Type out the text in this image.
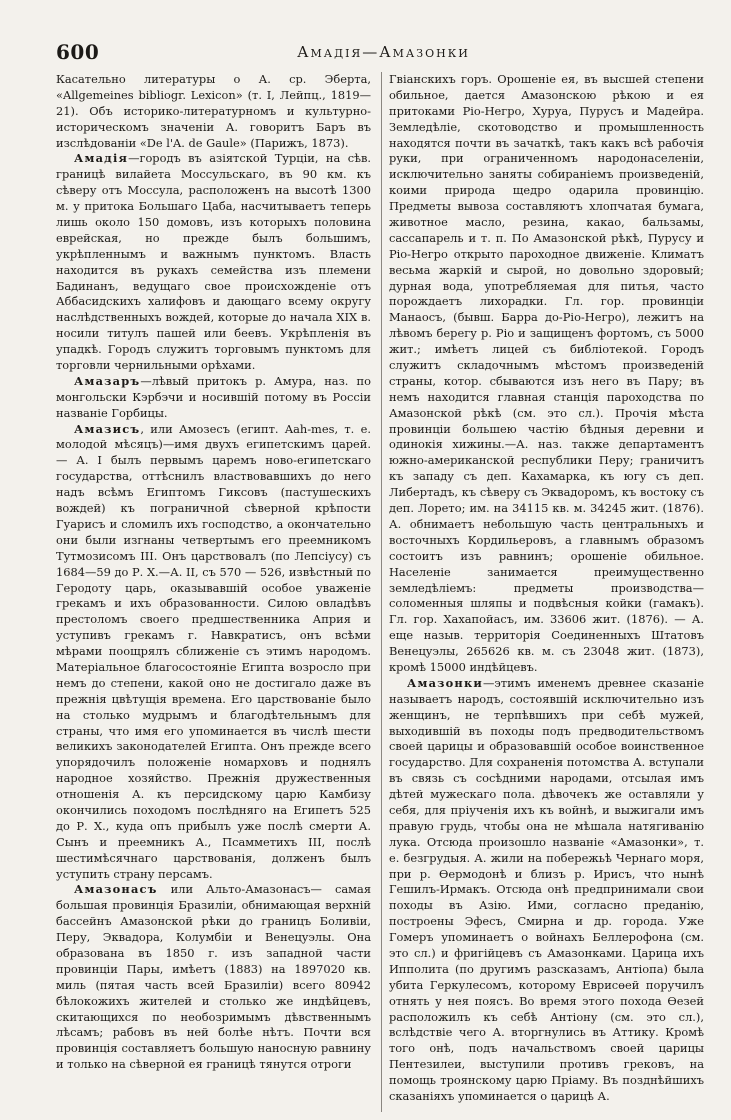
600	Амадiя—Амазонки

Касательно литературы о А. ср. Эберта, «Allgemeines bibliogr. Lexicon» (т. I, Лейпц., 1819—21). Объ историко-литературномъ и культурно-историческомъ значенiи А. говоритъ Баръ въ изслѣдованiи «De l'A. de Gaule» (Парижъ, 1873).

Амадiя—городъ въ азiятской Турцiи, на сѣв. границѣ вилайета Моссульскаго, въ 90 км. къ сѣверу отъ Моссула, расположенъ на высотѣ 1300 м. у притока Большаго Цаба, насчитываетъ теперь лишь около 150 домовъ, изъ которыхъ половина еврейская, но прежде былъ большимъ, укрѣпленнымъ и важнымъ пунктомъ. Власть находится въ рукахъ семейства изъ племени Бадинанъ, ведущаго свое происхожденiе отъ Аббасидскихъ халифовъ и дающаго всему округу наслѣдственныхъ вождей, которые до начала XIX в. носили титулъ пашей или беевъ. Укрѣпленiя въ упадкѣ. Городъ служитъ торговымъ пунктомъ для торговли чернильными орѣхами.

Амазаръ—лѣвый притокъ р. Амура, наз. по монгольски Кэрбэчи и носившiй потому въ Россiи названiе Горбицы.

Амазисъ, или Амозесъ (египт. Aah-mes, т. е. молодой мѣсяцъ)—имя двухъ египетскимъ царей. — А. I былъ первымъ царемъ ново-египетскаго государства, оттѣснилъ властвовавшихъ до него надъ всѣмъ Египтомъ Гиксовъ (пастушескихъ вождей) къ пограничной сѣверной крѣпости Гуарисъ и сломилъ ихъ господство, а окончательно они были изгнаны четвертымъ его преемникомъ Тутмозисомъ III. Онъ царствовалъ (по Лепсiусу) съ 1684—59 до Р. Х.—А. II, съ 570 — 526, извѣстный по Геродоту царь, оказывавшiй особое уваженiе грекамъ и ихъ образованности. Силою овладѣвъ престоломъ своего предшественника Априя и уступивъ грекамъ г. Навкратисъ, онъ всѣми мѣрами поощрялъ сближенiе съ этимъ народомъ. Матерiальное благосостоянiе Египта возросло при немъ до степени, какой оно не достигало даже въ прежнiя цвѣтущiя времена. Его царствованiе было на столько мудрымъ и благодѣтельнымъ для страны, что имя его упоминается въ числѣ шести великихъ законодателей Египта. Онъ прежде всего упорядочилъ положенiе номарховъ и поднялъ народное хозяйство. Прежнiя дружественныя отношенiя А. къ персидскому царю Камбизу окончились походомъ послѣдняго на Египетъ 525 до Р. Х., куда опъ прибылъ уже послѣ смерти А. Сынъ и преемникъ А., Псамметихъ III, послѣ шестимѣсячнаго царствованiя, долженъ былъ уступить страну персамъ.

Амазонасъ или Альто-Амазонасъ— самая большая провинцiя Бразилiи, обнимающая верхнiй бассейнъ Амазонской рѣки до границъ Боливiи, Перу, Эквадора, Колумбiи и Венецуэлы. Она образована въ 1850 г. изъ западной части провинцiи Пары, имѣетъ (1883) на 1897020 кв. миль (пятая часть всей Бразилiи) всего 80942 бѣлокожихъ жителей и столько же индѣйцевъ, скитающихся по необозримымъ дѣвственнымъ лѣсамъ; рабовъ въ ней болѣе нѣтъ. Почти вся провинцiя составляетъ большую наносную равнину и только на сѣверной ея границѣ тянутся отроги

Гвiанскихъ горъ. Орошенiе ея, въ высшей степени обильное, дается Амазонскою рѣкою и ея притоками Рiо-Негро, Хуруа, Пурусъ и Мадейра. Земледѣлiе, скотоводство и промышленность находятся почти въ зачаткѣ, такъ какъ всѣ рабочiя руки, при ограниченномъ народонаселенiи, исключительно заняты собиранiемъ произведенiй, коими природа щедро одарила провинцiю. Предметы вывоза составляютъ хлопчатая бумага, животное масло, резина, какао, бальзамы, сассапарель и т. п. По Амазонской рѣкѣ, Пурусу и Рiо-Негро открыто пароходное движенiе. Климатъ весьма жаркiй и сырой, но довольно здоровый; дурная вода, употребляемая для питья, часто порождаетъ лихорадки. Гл. гор. провинцiи Манаосъ, (бывш. Барра до-Рiо-Негро), лежитъ на лѣвомъ берегу р. Рiо и защищенъ фортомъ, съ 5000 жит.; имѣетъ лицей съ библiотекой. Городъ служитъ складочнымъ мѣстомъ произведенiй страны, котор. сбываются изъ него въ Пару; въ немъ находится главная станцiя пароходства по Амазонской рѣкѣ (см. это сл.). Прочiя мѣста провинцiи большею частiю бѣдныя деревни и одинокiя хижины.—А. наз. также департаментъ южно-американской республики Перу; граничитъ къ западу съ деп. Кахамарка, къ югу съ деп. Либертадъ, къ сѣверу съ Эквадоромъ, къ востоку съ деп. Лорето; им. на 34115 кв. м. 34245 жит. (1876). А. обнимаетъ небольшую часть центральныхъ и восточныхъ Кордильеровъ, а главнымъ образомъ состоитъ изъ равнинъ; орошенiе обильное. Населенiе занимается преимущественно земледѣлiемъ: предметы производства—соломенныя шляпы и подвѣсныя койки (гамакъ). Гл. гор. Хахапойасъ, им. 33606 жит. (1876). — А. еще назыв. территорiя Соединенныхъ Штатовъ Венецуэлы, 265626 кв. м. съ 23048 жит. (1873), кромѣ 15000 индѣйцевъ.

Амазонки—этимъ именемъ древнее сказанiе называетъ народъ, состоявшiй исключительно изъ женщинъ, не терпѣвшихъ при себѣ мужей, выходившiй въ походы подъ предводительствомъ своей царицы и образовавшiй особое воинственное государство. Для сохраненiя потомства А. вступали въ связь съ сосѣдними народами, отсылая имъ дѣтей мужескаго пола. дѣвочекъ же оставляли у себя, для прiученiя ихъ къ войнѣ, и выжигали имъ правую грудь, чтобы она не мѣшала натягиванiю лука. Отсюда произошло названiе «Амазонки», т. е. безгрудыя. А. жили на побережьѣ Чернаго моря, при р. Өермодонѣ и близъ р. Ирисъ, что нынѣ Гешилъ-Ирмакъ. Отсюда онѣ предпринимали свои походы въ Азiю. Ими, согласно преданiю, построены Эфесъ, Смирна и др. города. Уже Гомеръ упоминаетъ о войнахъ Беллерофона (см. это сл.) и фригiйцевъ съ Амазонками. Царица ихъ Ипполита (по другимъ разсказамъ, Антiопа) была убита Геркулесомъ, которому Еврисөей поручилъ отнять у нея поясъ. Во время этого похода Өезей расположилъ къ себѣ Антiону (см. это сл.), вслѣдствiе чего А. вторгнулись въ Аттику. Кромѣ того онѣ, подъ начальствомъ своей царицы Пентезилеи, выступили противъ грековъ, на помощь троянскому царю Прiаму. Въ позднѣйшихъ сказанiяхъ упоминается о царицѣ А.
